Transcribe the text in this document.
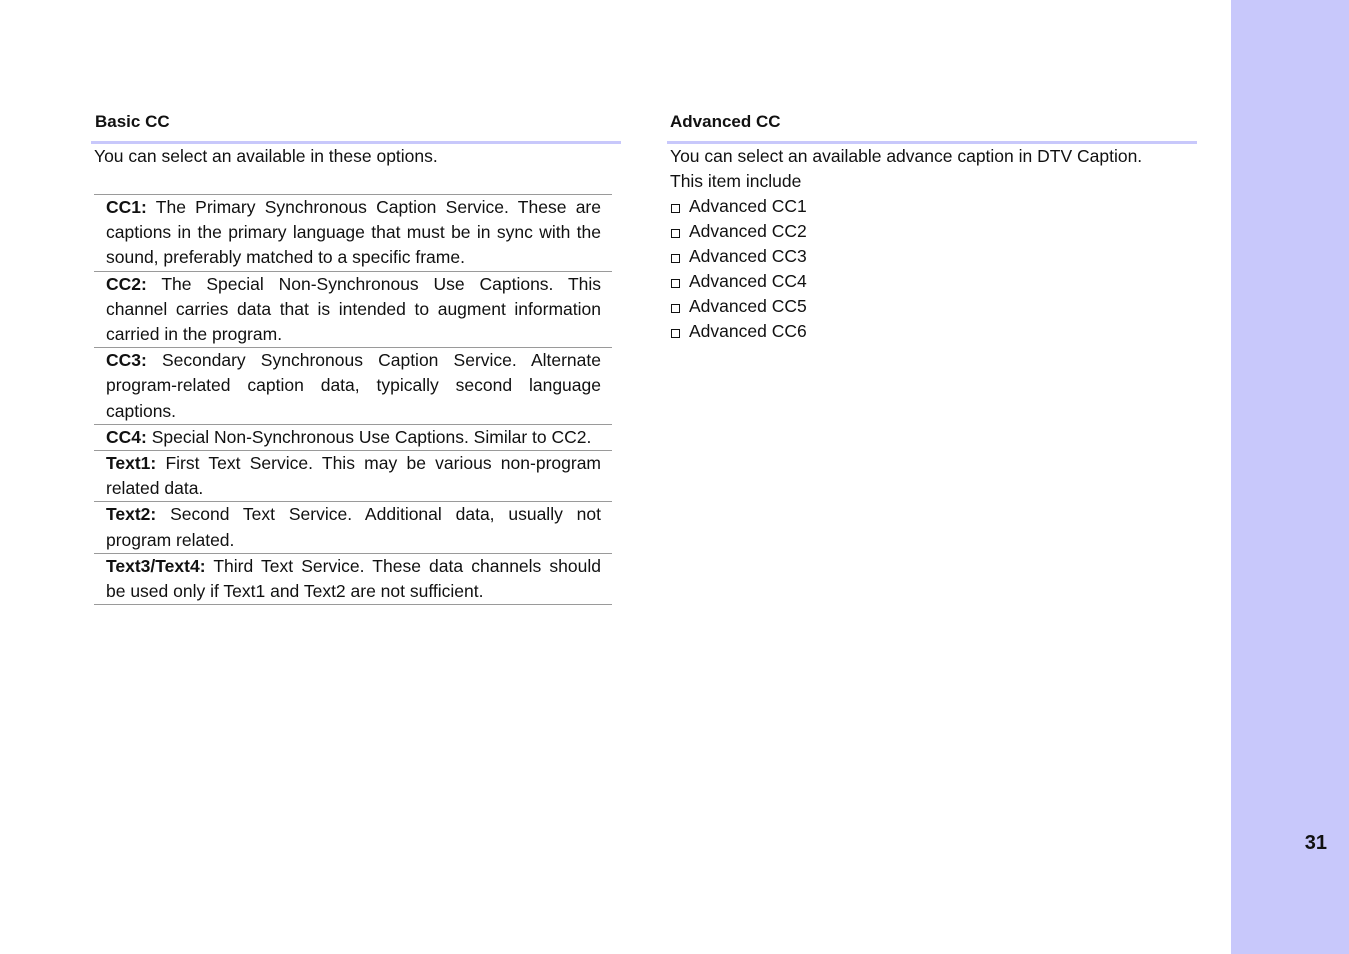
31
Basic CC
You can select an available in these options.
CC1: The Primary Synchronous Caption Service. These are captions in the primary language that must be in sync with the sound, preferably matched to a specific frame.
CC2: The Special Non-Synchronous Use Captions. This channel carries data that is intended to augment information carried in the program.
CC3: Secondary Synchronous Caption Service. Alternate program-related caption data, typically second language captions.
CC4: Special Non-Synchronous Use Captions. Similar to CC2.
Text1: First Text Service. This may be various non-program related data.
Text2: Second Text Service. Additional data, usually not program related.
Text3/Text4: Third Text Service. These data channels should be used only if Text1 and Text2 are not sufficient.
Advanced CC
You can select an available advance caption in DTV Caption.
This item include
Advanced CC1
Advanced CC2
Advanced CC3
Advanced CC4
Advanced CC5
Advanced CC6
